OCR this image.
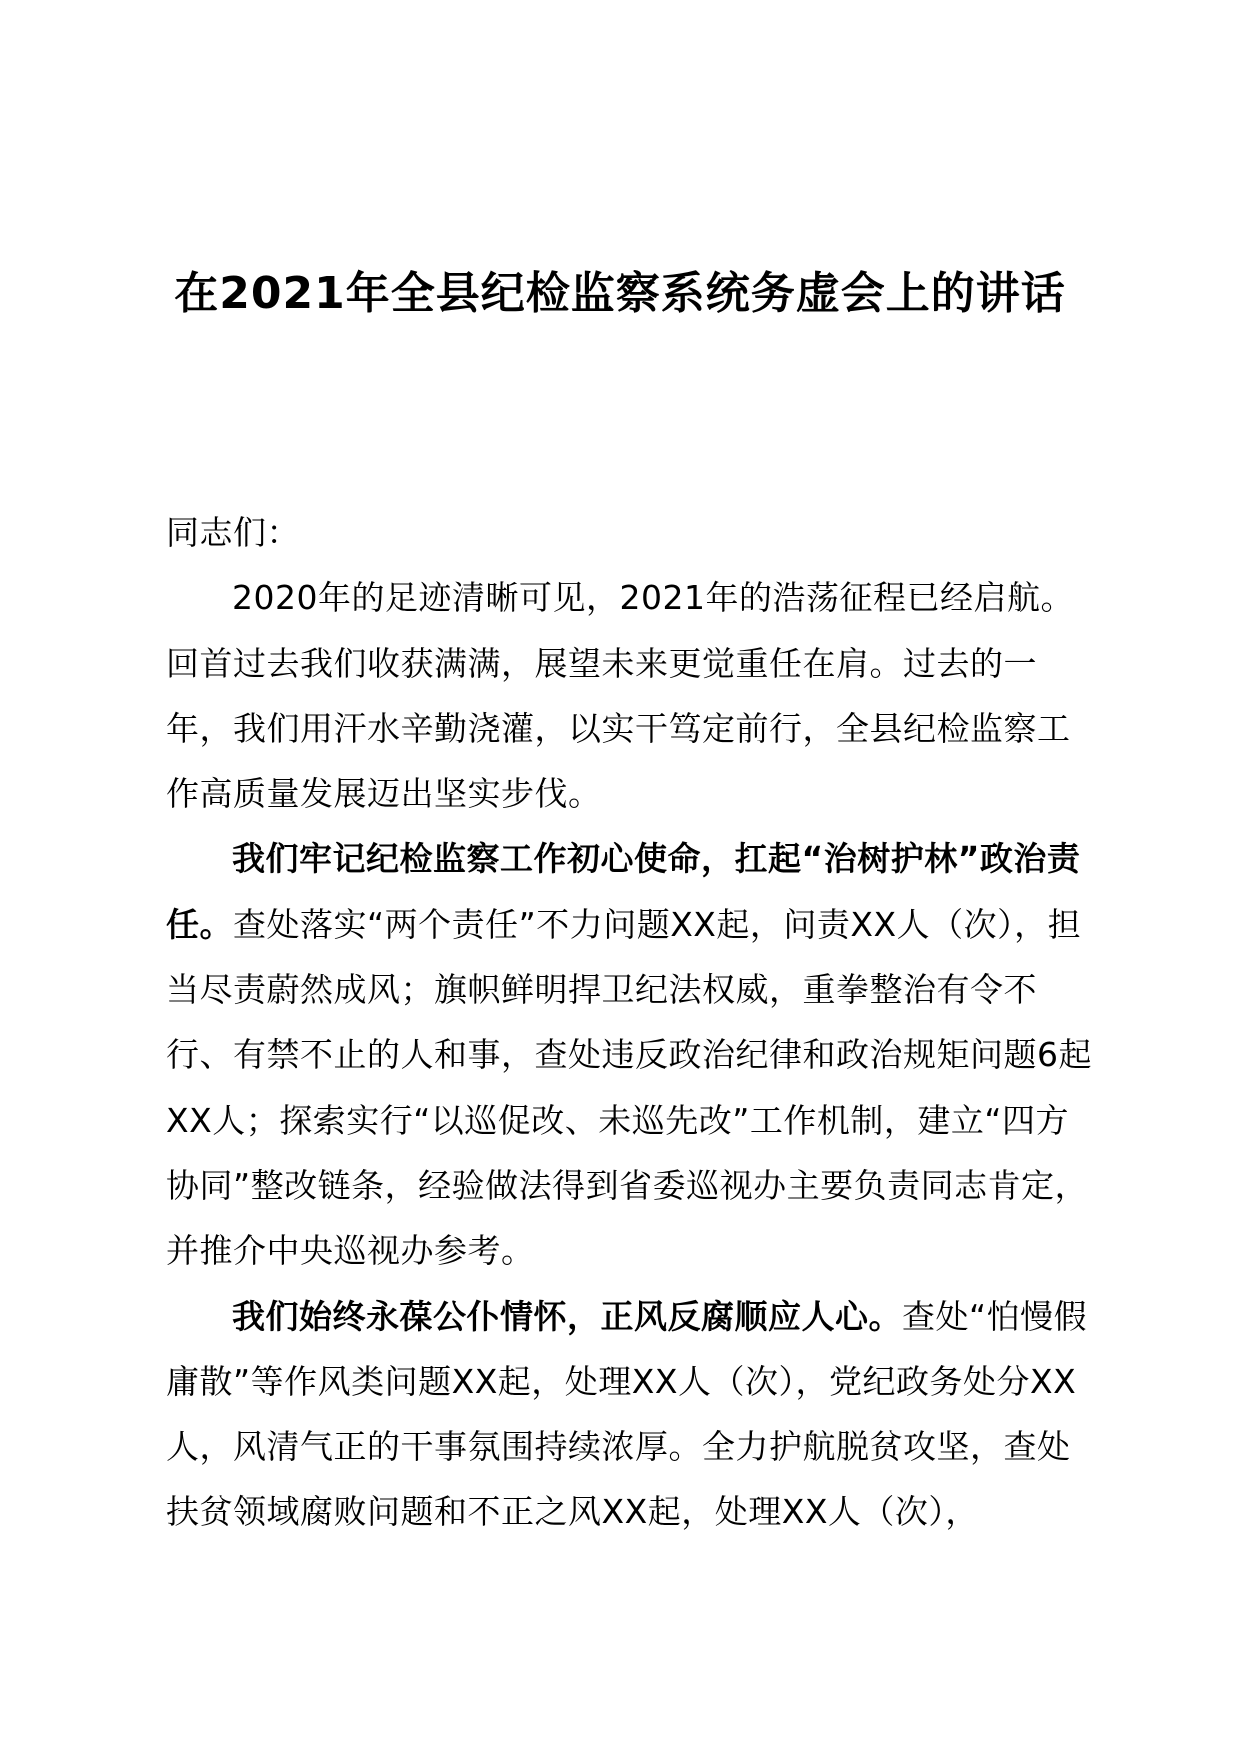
在2021年全县纪检监察系统务虚会上的讲话

同志们：

2020年的足迹清晰可见，2021年的浩荡征程已经启航。回首过去我们收获满满，展望未来更觉重任在肩。过去的一年，我们用汗水辛勤浇灌，以实干笃定前行，全县纪检监察工作高质量发展迈出坚实步伐。

我们牢记纪检监察工作初心使命，扛起“治树护林”政治责任。查处落实“两个责任”不力问题XX起，问责XX人（次），担当尽责蔚然成风；旗帜鲜明捍卫纪法权威，重拳整治有令不行、有禁不止的人和事，查处违反政治纪律和政治规矩问题6起XX人；探索实行“以巡促改、未巡先改”工作机制，建立“四方协同”整改链条，经验做法得到省委巡视办主要负责同志肯定，并推介中央巡视办参考。

我们始终永葆公仆情怀，正风反腐顺应人心。查处“怕慢假庸散”等作风类问题XX起，处理XX人（次），党纪政务处分XX人，风清气正的干事氛围持续浓厚。全力护航脱贫攻坚，查处扶贫领域腐败问题和不正之风XX起，处理XX人（次），
